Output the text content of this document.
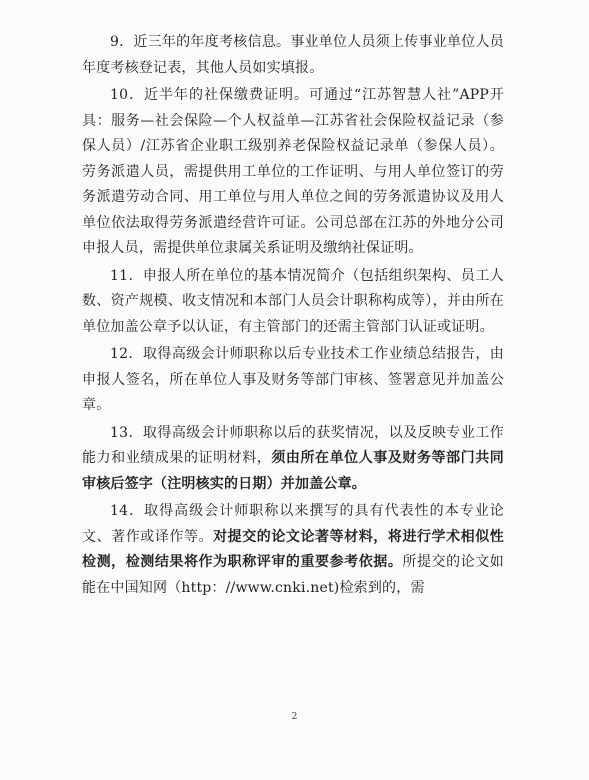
9．近三年的年度考核信息。事业单位人员须上传事业单位人员年度考核登记表，其他人员如实填报。

10．近半年的社保缴费证明。可通过“江苏智慧人社”APP开具：服务—社会保险—个人权益单—江苏省社会保险权益记录（参保人员）/江苏省企业职工级别养老保险权益记录单（参保人员）。劳务派遣人员，需提供用工单位的工作证明、与用人单位签订的劳务派遣劳动合同、用工单位与用人单位之间的劳务派遣协议及用人单位依法取得劳务派遣经营许可证。公司总部在江苏的外地分公司申报人员，需提供单位隶属关系证明及缴纳社保证明。

11．申报人所在单位的基本情况简介（包括组织架构、员工人数、资产规模、收支情况和本部门人员会计职称构成等），并由所在单位加盖公章予以认证，有主管部门的还需主管部门认证或证明。

12．取得高级会计师职称以后专业技术工作业绩总结报告，由申报人签名，所在单位人事及财务等部门审核、签署意见并加盖公章。

13．取得高级会计师职称以后的获奖情况，以及反映专业工作能力和业绩成果的证明材料，须由所在单位人事及财务等部门共同审核后签字（注明核实的日期）并加盖公章。

14．取得高级会计师职称以来撰写的具有代表性的本专业论文、著作或译作等。对提交的论文论著等材料，将进行学术相似性检测，检测结果将作为职称评审的重要参考依据。所提交的论文如能在中国知网（http：//www.cnki.net)检索到的，需

2
